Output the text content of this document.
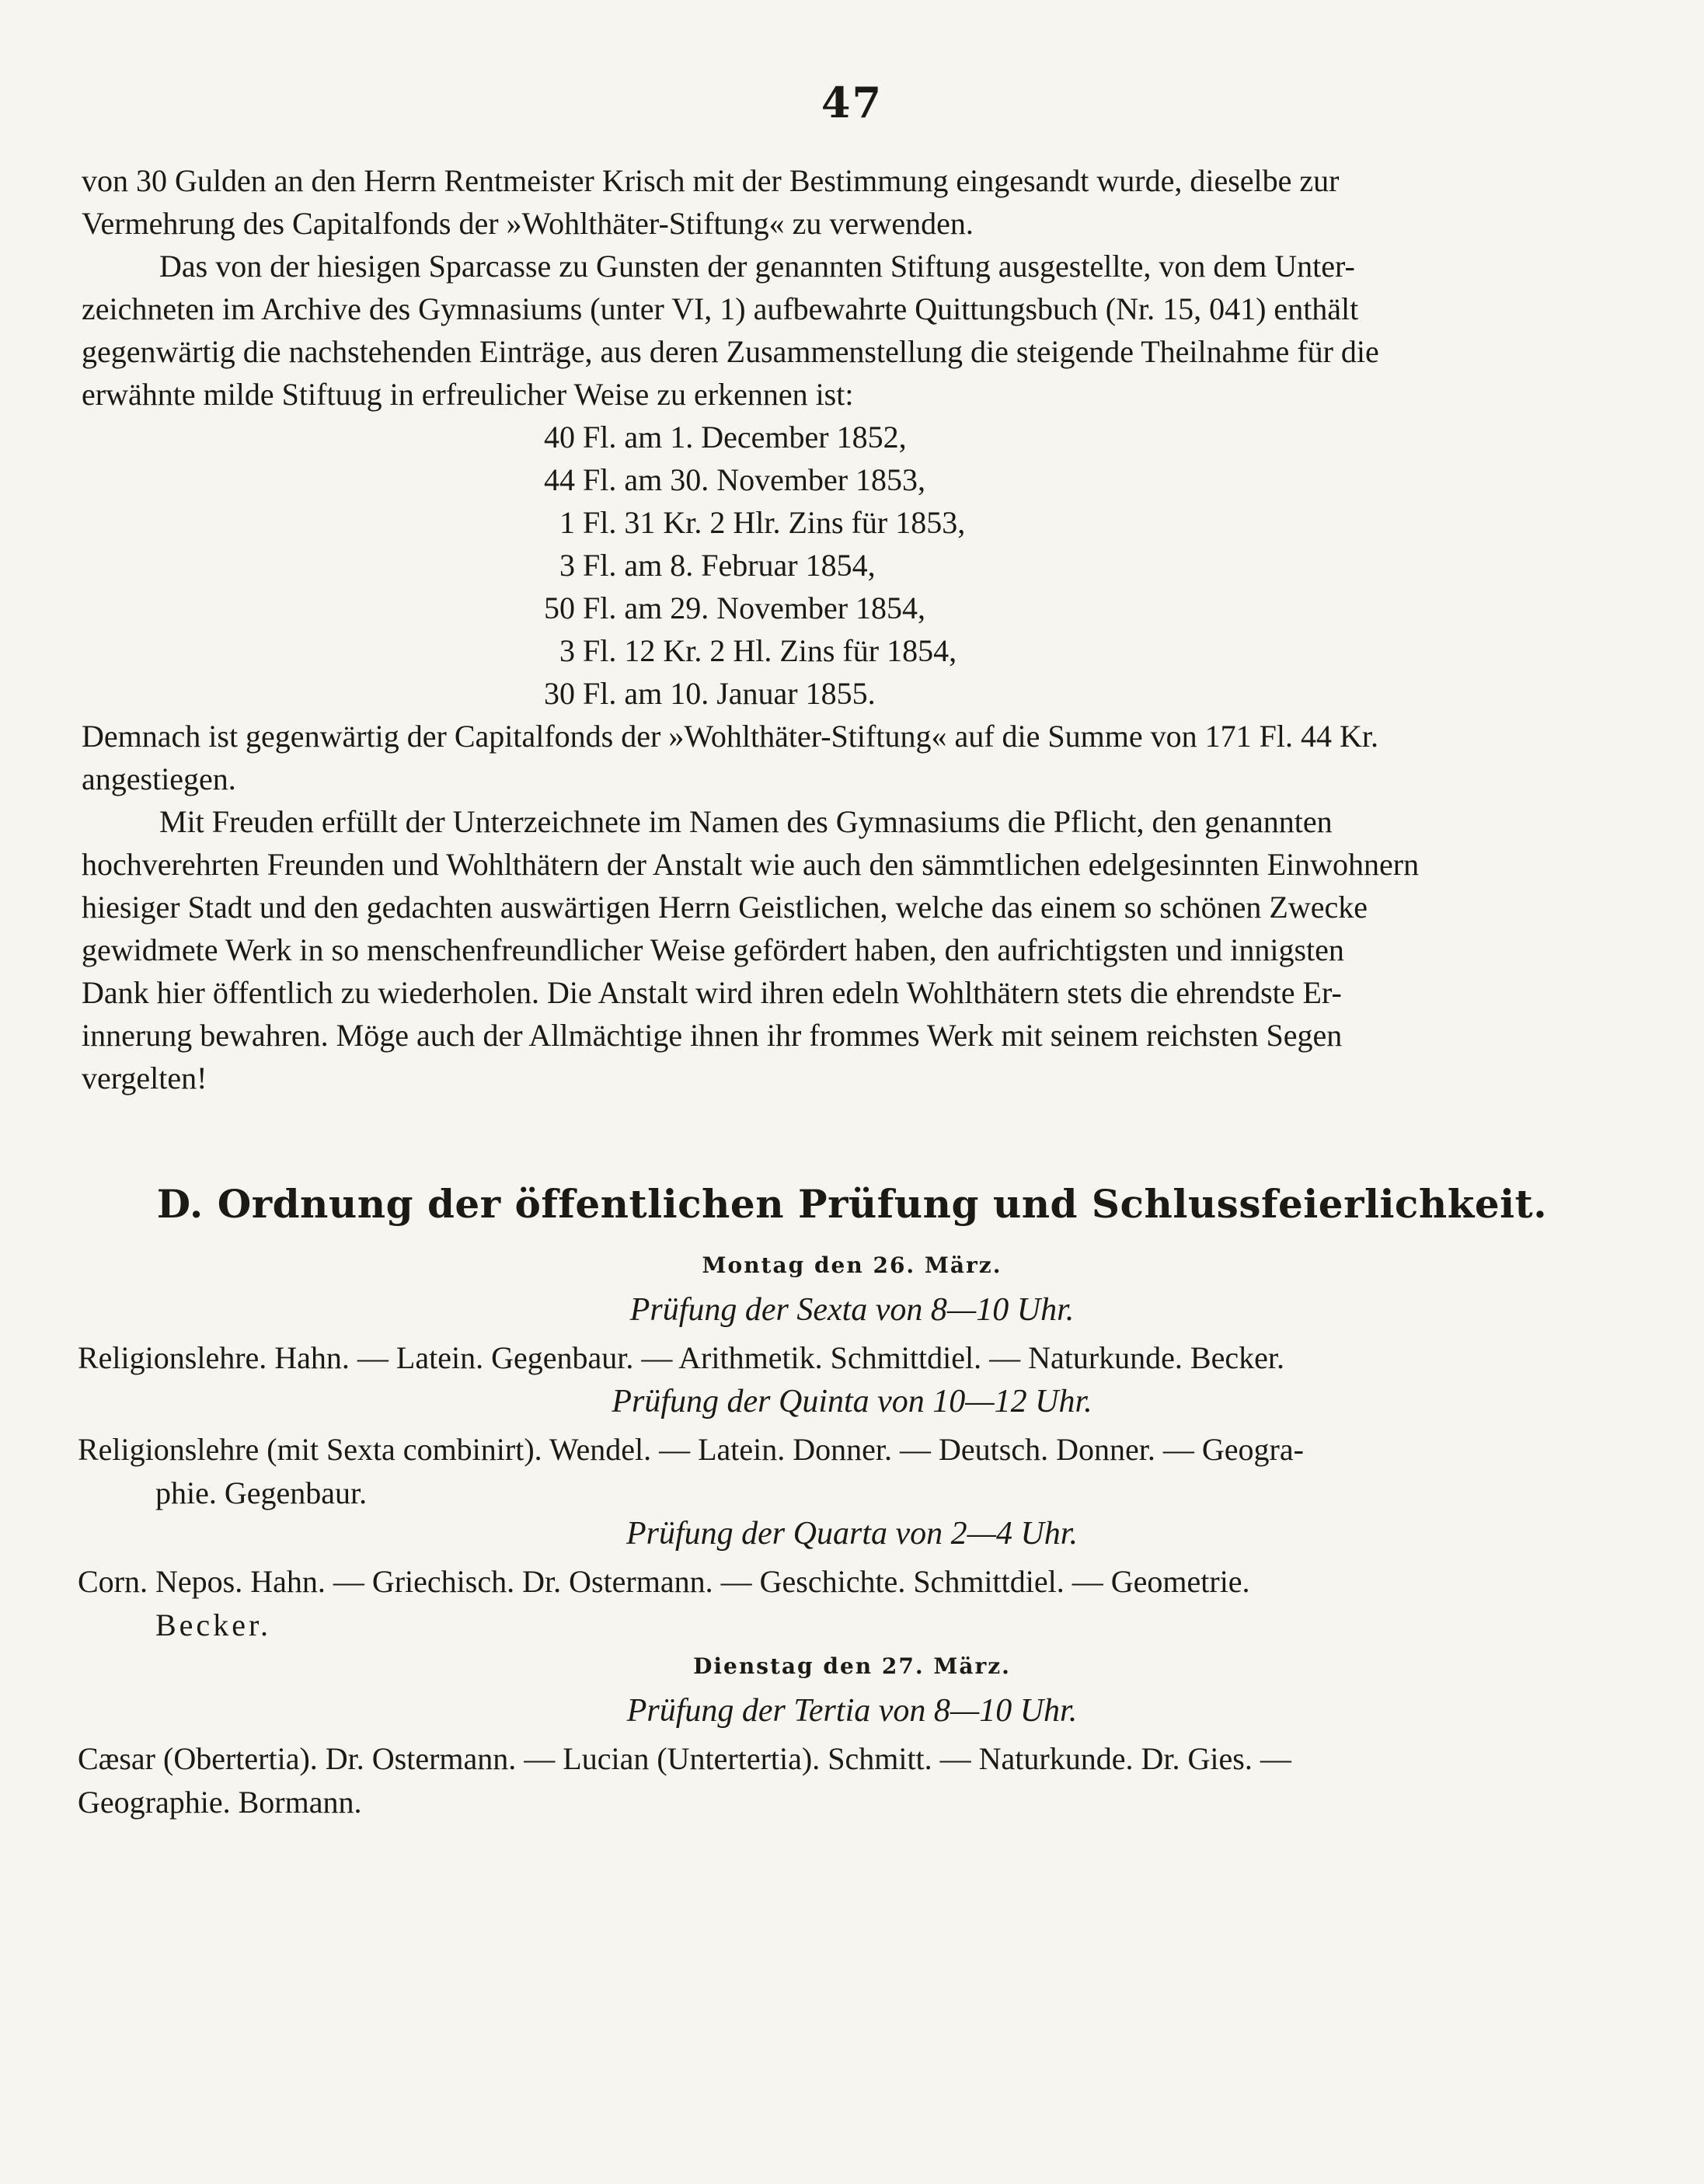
47

von 30 Gulden an den Herrn Rentmeister Krisch mit der Bestimmung eingesandt wurde, dieselbe zur

Vermehrung des Capitalfonds der »Wohlthäter-Stiftung« zu verwenden.

Das von der hiesigen Sparcasse zu Gunsten der genannten Stiftung ausgestellte, von dem Unter-

zeichneten im Archive des Gymnasiums (unter VI, 1) aufbewahrte Quittungsbuch (Nr. 15, 041) enthält

gegenwärtig die nachstehenden Einträge, aus deren Zusammenstellung die steigende Theilnahme für die

erwähnte milde Stiftuug in erfreulicher Weise zu erkennen ist:

40 Fl. am 1. December 1852,
44 Fl. am 30. November 1853,
1 Fl. 31 Kr. 2 Hlr. Zins für 1853,
3 Fl. am 8. Februar 1854,
50 Fl. am 29. November 1854,
3 Fl. 12 Kr. 2 Hl. Zins für 1854,
30 Fl. am 10. Januar 1855.

Demnach ist gegenwärtig der Capitalfonds der »Wohlthäter-Stiftung« auf die Summe von 171 Fl. 44 Kr.

angestiegen.

Mit Freuden erfüllt der Unterzeichnete im Namen des Gymnasiums die Pflicht, den genannten

hochverehrten Freunden und Wohlthätern der Anstalt wie auch den sämmtlichen edelgesinnten Einwohnern

hiesiger Stadt und den gedachten auswärtigen Herrn Geistlichen, welche das einem so schönen Zwecke

gewidmete Werk in so menschenfreundlicher Weise gefördert haben, den aufrichtigsten und innigsten

Dank hier öffentlich zu wiederholen. Die Anstalt wird ihren edeln Wohlthätern stets die ehrendste Er-

innerung bewahren. Möge auch der Allmächtige ihnen ihr frommes Werk mit seinem reichsten Segen

vergelten!

D. Ordnung der öffentlichen Prüfung und Schlussfeierlichkeit.
Montag den 26. März.
Prüfung der Sexta von 8—10 Uhr.
Religionslehre. Hahn. — Latein. Gegenbaur. — Arithmetik. Schmittdiel. — Naturkunde. Becker.
Prüfung der Quinta von 10—12 Uhr.
Religionslehre (mit Sexta combinirt). Wendel. — Latein. Donner. — Deutsch. Donner. — Geogra-
phie. Gegenbaur.
Prüfung der Quarta von 2—4 Uhr.
Corn. Nepos. Hahn. — Griechisch. Dr. Ostermann. — Geschichte. Schmittdiel. — Geometrie.
Becker.
Dienstag den 27. März.
Prüfung der Tertia von 8—10 Uhr.
Cæsar (Obertertia). Dr. Ostermann. — Lucian (Untertertia). Schmitt. — Naturkunde. Dr. Gies. —
Geographie. Bormann.
